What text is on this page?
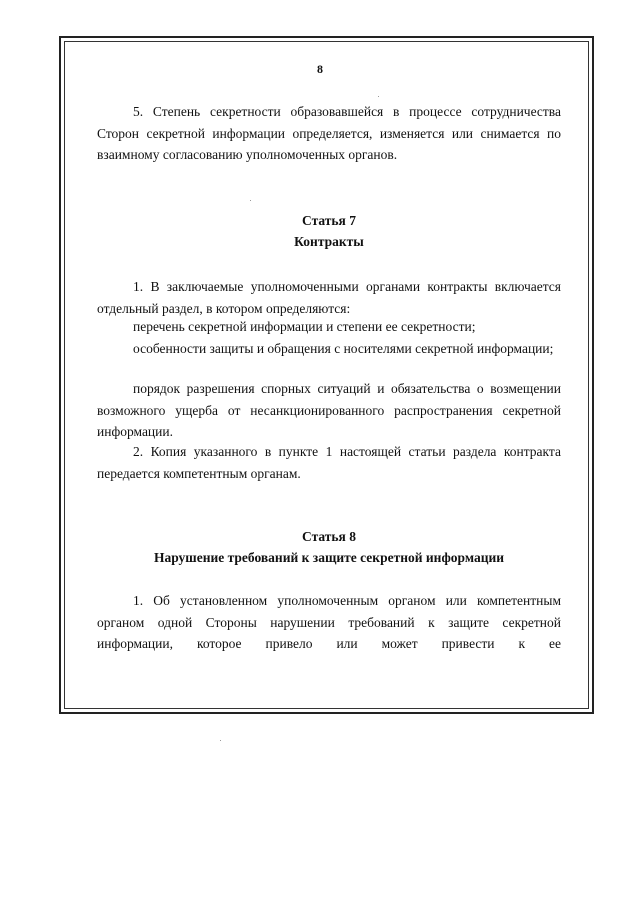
8

5. Степень секретности образовавшейся в процессе сотрудничества Сторон секретной информации определяется, изменяется или снимается по взаимному согласованию уполномоченных органов.

Статья 7

Контракты

1. В заключаемые уполномоченными органами контракты включается отдельный раздел, в котором определяются:

перечень секретной информации и степени ее секретности;

особенности защиты и обращения с носителями секретной информации;

порядок разрешения спорных ситуаций и обязательства о возмещении возможного ущерба от несанкционированного распространения секретной информации.

2. Копия указанного в пункте 1 настоящей статьи раздела контракта передается компетентным органам.

Статья 8

Нарушение требований к защите секретной информации

1. Об установленном уполномоченным органом или компетентным органом одной Стороны нарушении требований к защите секретной информации, которое привело или может привести к ее
